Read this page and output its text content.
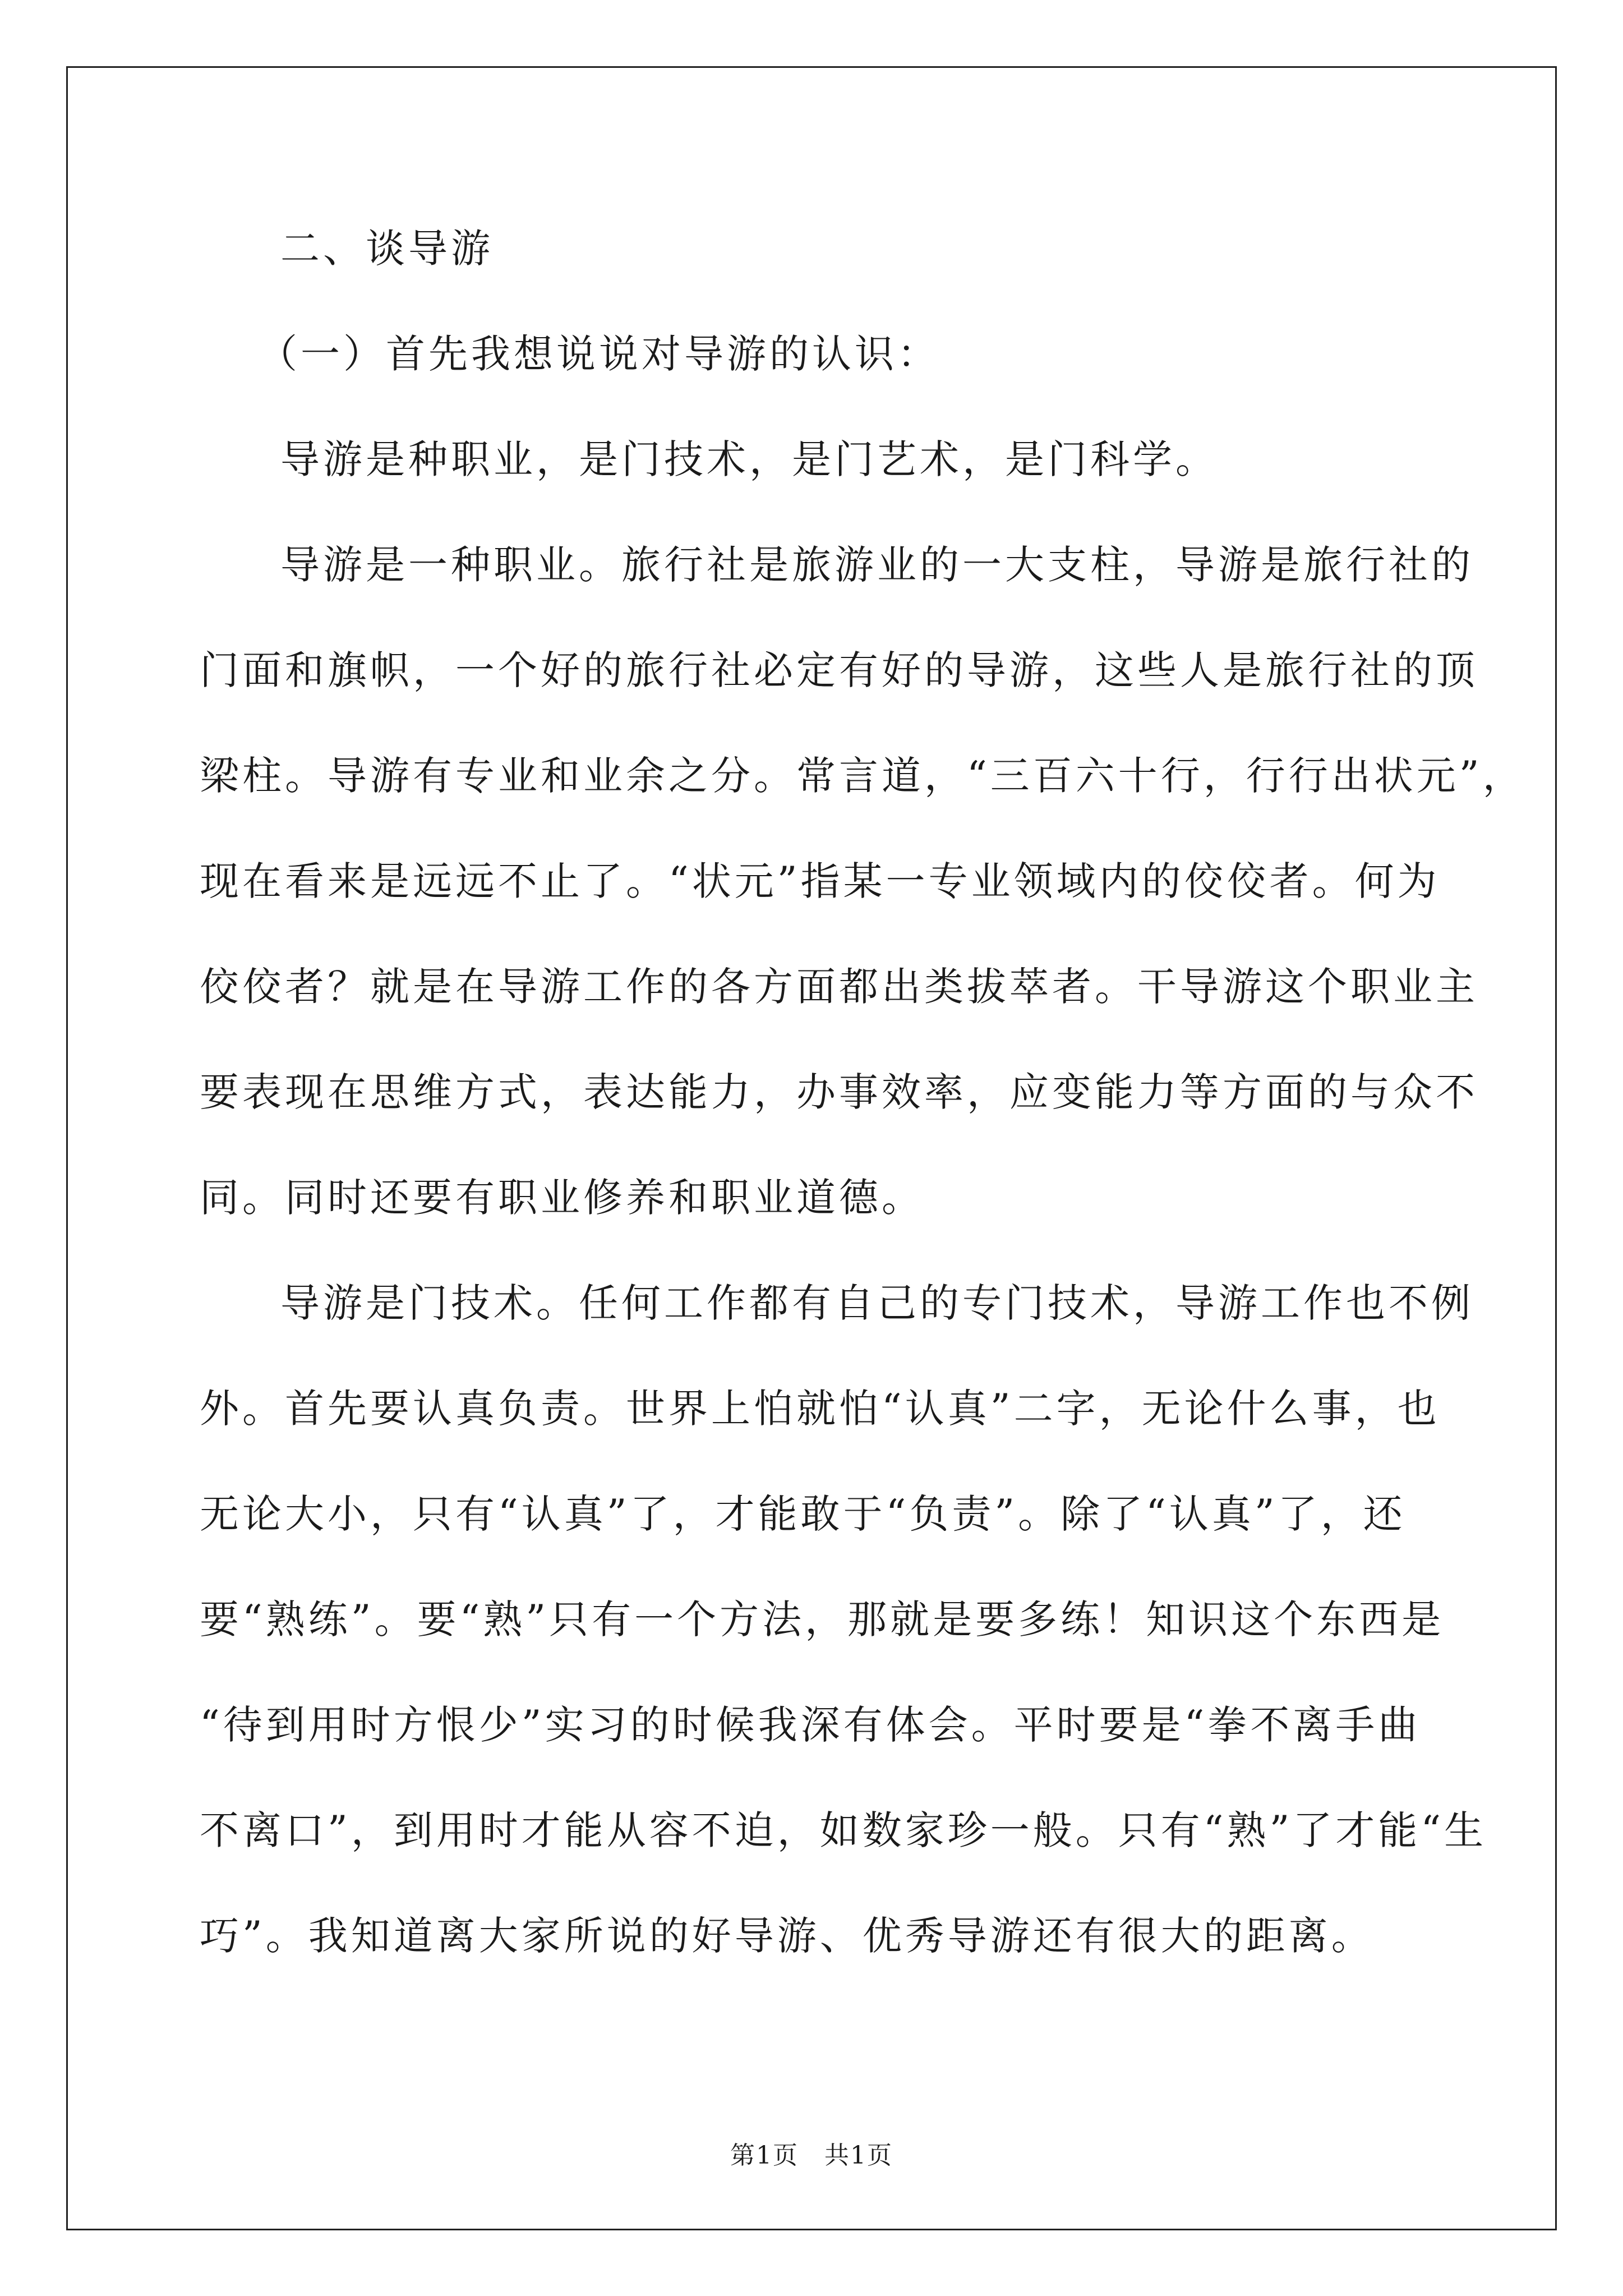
二、谈导游
（一）首先我想说说对导游的认识：
导游是种职业，是门技术，是门艺术，是门科学。
导游是一种职业。旅行社是旅游业的一大支柱，导游是旅行社的
门面和旗帜，一个好的旅行社必定有好的导游，这些人是旅行社的顶
梁柱。导游有专业和业余之分。常言道，“三百六十行，行行出状元”，
现在看来是远远不止了。“状元”指某一专业领域内的佼佼者。何为
佼佼者？就是在导游工作的各方面都出类拔萃者。干导游这个职业主
要表现在思维方式，表达能力，办事效率，应变能力等方面的与众不
同。同时还要有职业修养和职业道德。
导游是门技术。任何工作都有自己的专门技术，导游工作也不例
外。首先要认真负责。世界上怕就怕“认真”二字，无论什么事，也
无论大小，只有“认真”了，才能敢于“负责”。除了“认真”了，还
要“熟练”。要“熟”只有一个方法，那就是要多练！知识这个东西是
“待到用时方恨少”实习的时候我深有体会。平时要是“拳不离手曲
不离口”，到用时才能从容不迫，如数家珍一般。只有“熟”了才能“生
巧”。我知道离大家所说的好导游、优秀导游还有很大的距离。
第1页　共1页
